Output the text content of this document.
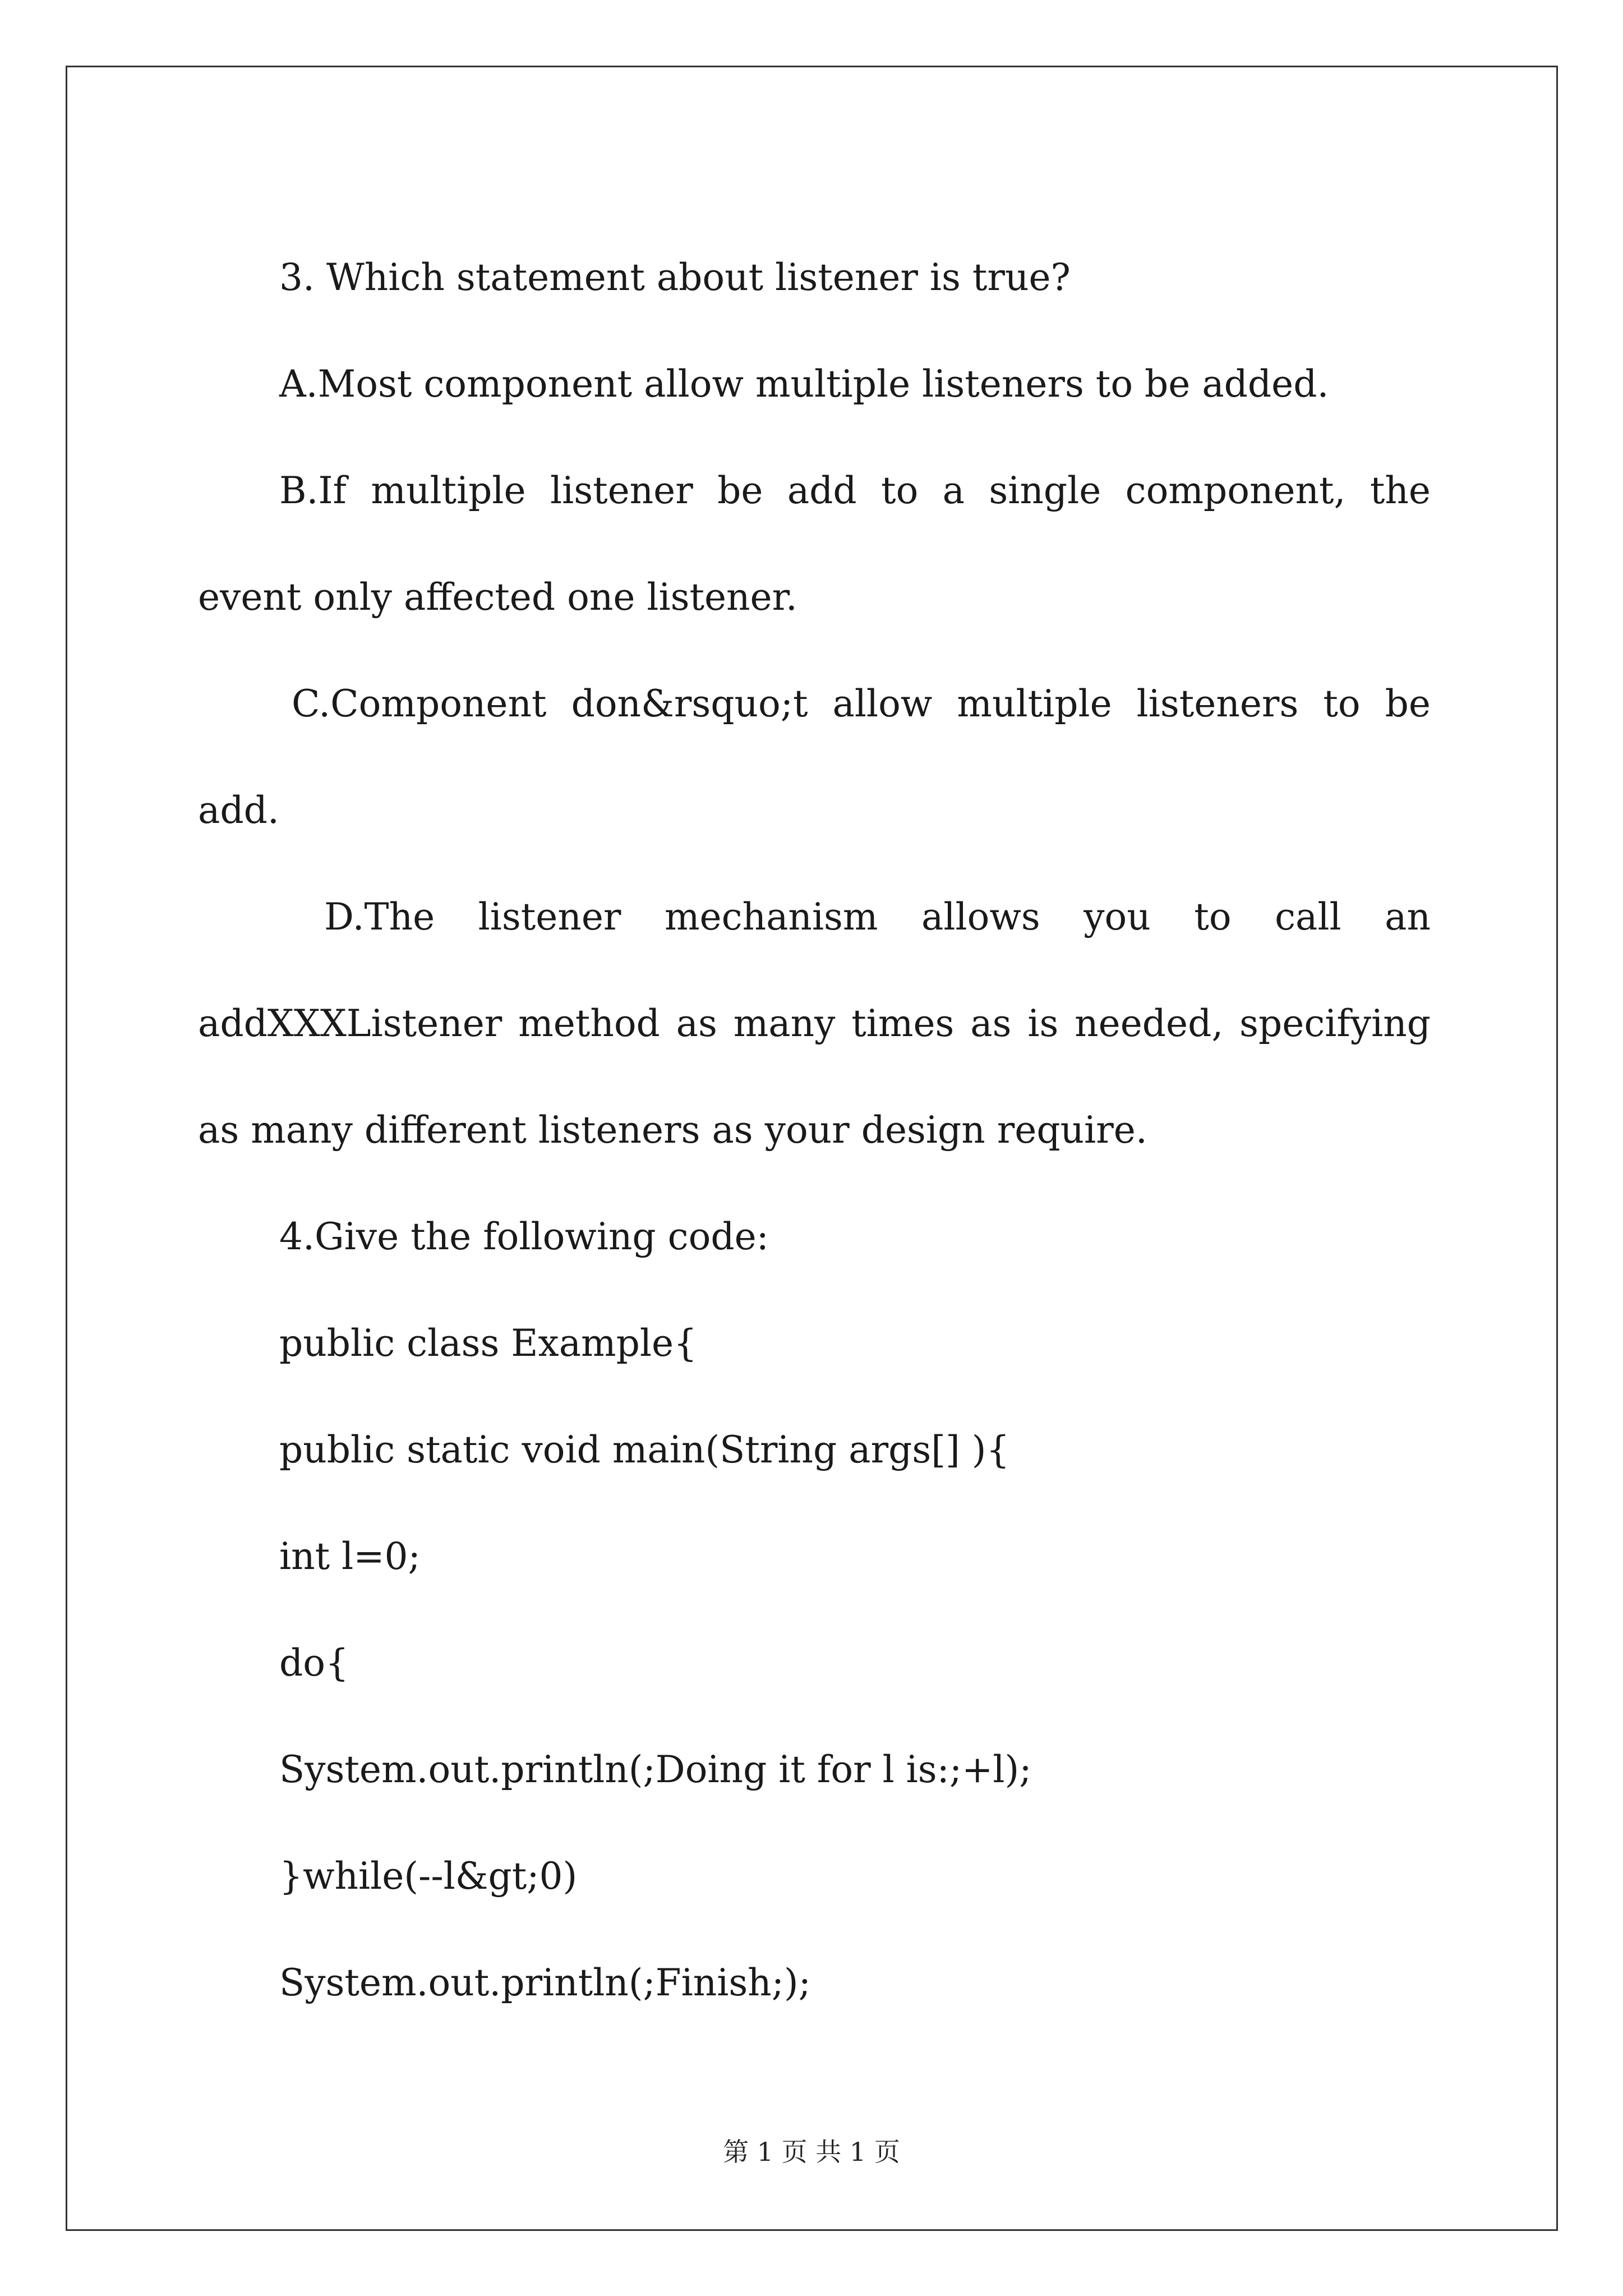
3. Which statement about listener is true?

A.Most component allow multiple listeners to be added.

B.If multiple listener be add to a single component, the event only affected one listener.

C.Component don&rsquo;t allow multiple listeners to be add.

D.The listener mechanism allows you to call an addXXXListener method as many times as is needed, specifying as many different listeners as your design require.

4.Give the following code:

public class Example{

public static void main(String args[] ){

int l=0;

do{

System.out.println(;Doing it for l is:;+l);

}while(--l&gt;0)

System.out.println(;Finish;);

第 1 页 共 1 页
